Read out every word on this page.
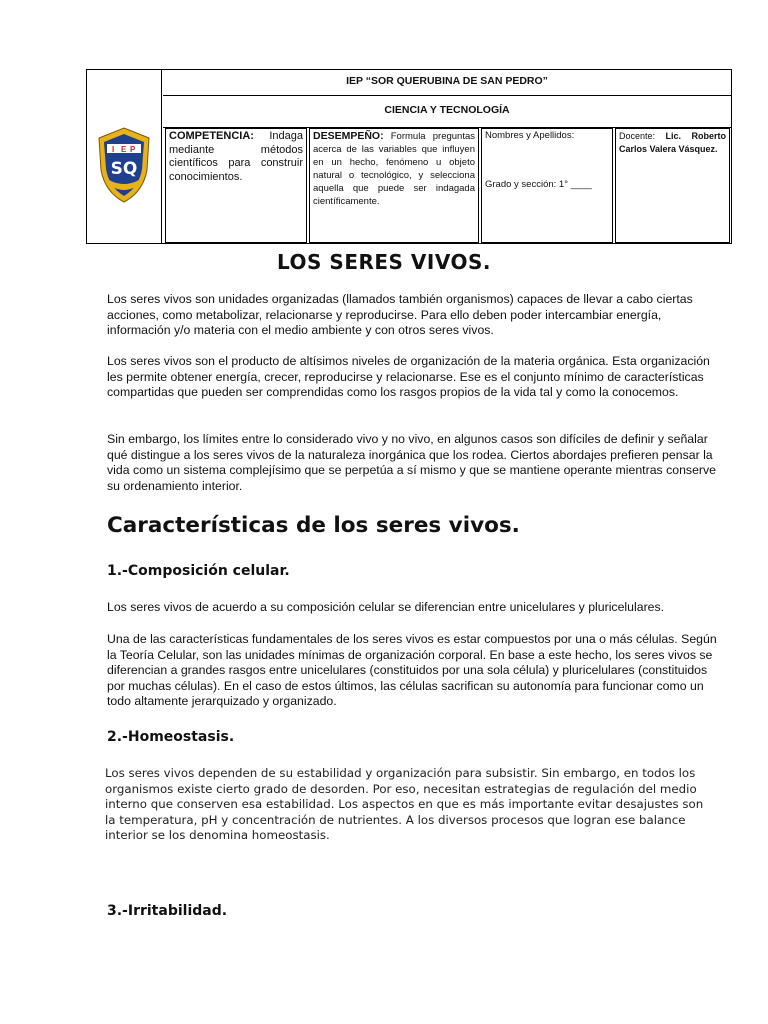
I E P
SQ
IEP “SOR QUERUBINA DE SAN PEDRO”
CIENCIA Y TECNOLOGÍA
COMPETENCIA: Indaga mediante métodos científicos para construir conocimientos.
DESEMPEÑO: Formula preguntas acerca de las variables que influyen en un hecho, fenómeno u objeto natural o tecnológico, y selecciona aquella que puede ser indagada científicamente.
Nombres y Apellidos:
Grado y sección: 1° ____
Docente: Lic. Roberto Carlos Valera Vásquez.
LOS SERES VIVOS.

Los seres vivos son unidades organizadas (llamados también organismos) capaces de llevar a cabo ciertas acciones, como metabolizar, relacionarse y reproducirse. Para ello deben poder intercambiar energía, información y/o materia con el medio ambiente y con otros seres vivos.

Los seres vivos son el producto de altísimos niveles de organización de la materia orgánica. Esta organización les permite obtener energía, crecer, reproducirse y relacionarse. Ese es el conjunto mínimo de características compartidas que pueden ser comprendidas como los rasgos propios de la vida tal y como la conocemos.

Sin embargo, los límites entre lo considerado vivo y no vivo, en algunos casos son difíciles de definir y señalar qué distingue a los seres vivos de la naturaleza inorgánica que los rodea. Ciertos abordajes prefieren pensar la vida como un sistema complejísimo que se perpetúa a sí mismo y que se mantiene operante mientras conserve su ordenamiento interior.

Características de los seres vivos.
1.-Composición celular.

Los seres vivos de acuerdo a su composición celular se diferencian entre unicelulares y pluricelulares.

Una de las características fundamentales de los seres vivos es estar compuestos por una o más células. Según la Teoría Celular, son las unidades mínimas de organización corporal. En base a este hecho, los seres vivos se diferencian a grandes rasgos entre unicelulares (constituidos por una sola célula) y pluricelulares (constituidos por muchas células). En el caso de estos últimos, las células sacrifican su autonomía para funcionar como un todo altamente jerarquizado y organizado.

2.-Homeostasis.

Los seres vivos dependen de su estabilidad y organización para subsistir. Sin embargo, en todos los organismos existe cierto grado de desorden. Por eso, necesitan estrategias de regulación del medio interno que conserven esa estabilidad. Los aspectos en que es más importante evitar desajustes son la temperatura, pH y concentración de nutrientes. A los diversos procesos que logran ese balance interior se los denomina homeostasis.

3.-Irritabilidad.
